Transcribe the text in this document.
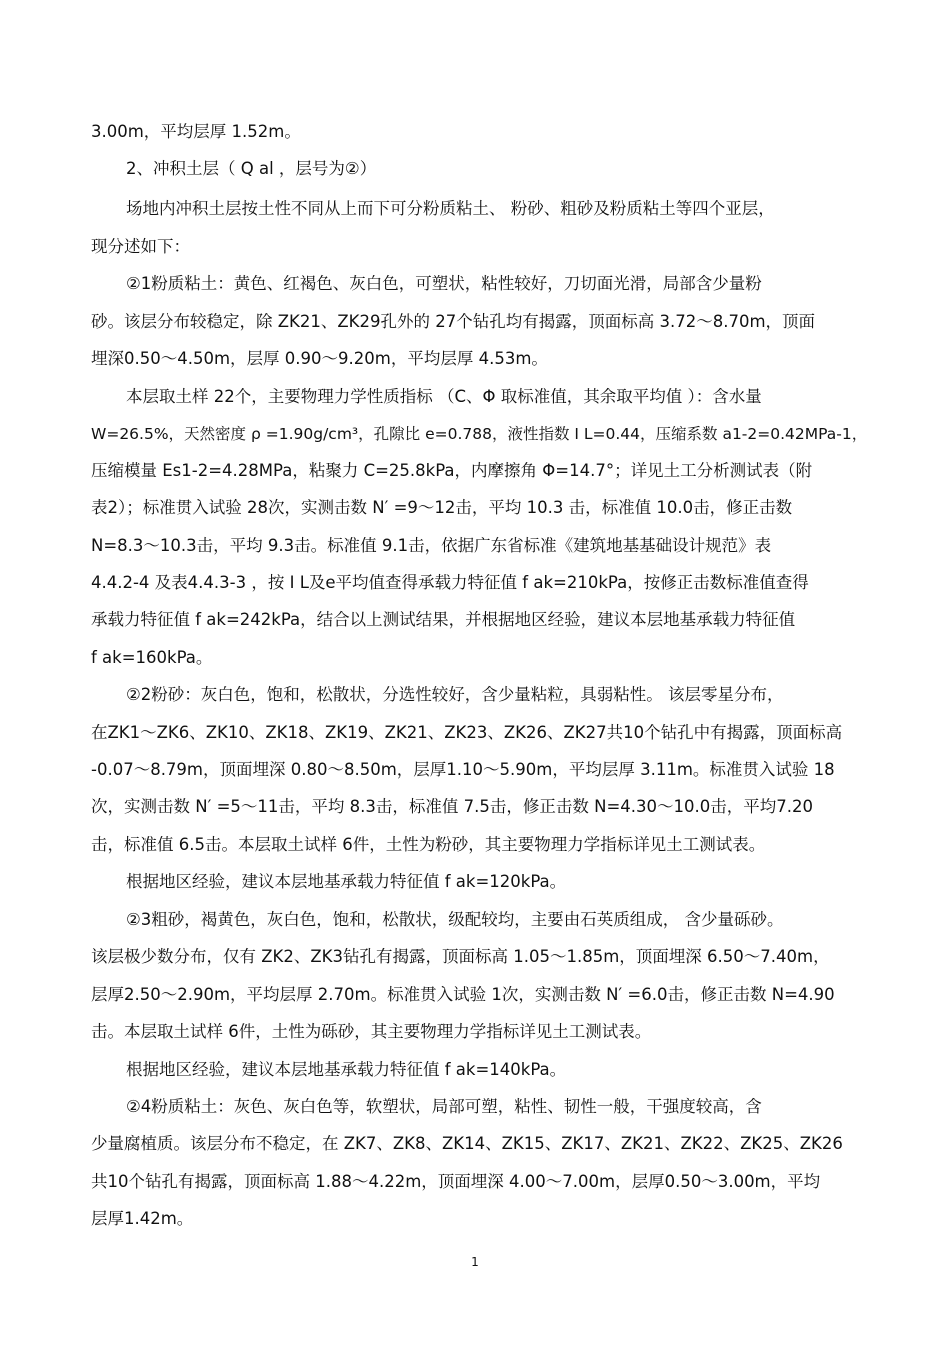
3.00m，平均层厚 1.52m。
2、冲积土层（ Q al ，层号为②）
场地内冲积土层按土性不同从上而下可分粉质粘土、 粉砂、粗砂及粉质粘土等四个亚层，
现分述如下：
②1粉质粘土：黄色、红褐色、灰白色，可塑状，粘性较好，刀切面光滑，局部含少量粉
砂。该层分布较稳定，除 ZK21、ZK29孔外的 27个钻孔均有揭露，顶面标高 3.72～8.70m，顶面
埋深0.50～4.50m，层厚 0.90～9.20m，平均层厚 4.53m。
本层取土样 22个，主要物理力学性质指标 （C、Φ 取标准值，其余取平均值 ）：含水量
W=26.5%，天然密度 ρ =1.90g/cm³，孔隙比 e=0.788，液性指数 I L=0.44，压缩系数 a1-2=0.42MPa-1，
压缩模量 Es1-2=4.28MPa，粘聚力 C=25.8kPa，内摩擦角 Φ=14.7°；详见土工分析测试表（附
表2）；标准贯入试验 28次，实测击数 N′ =9～12击，平均 10.3 击，标准值 10.0击，修正击数
N=8.3～10.3击，平均 9.3击。标准值 9.1击，依据广东省标准《建筑地基基础设计规范》表
4.4.2-4 及表4.4.3-3 ，按 I L及e平均值查得承载力特征值 f ak=210kPa，按修正击数标准值查得
承载力特征值 f ak=242kPa，结合以上测试结果，并根据地区经验，建议本层地基承载力特征值
f ak=160kPa。
②2粉砂：灰白色，饱和，松散状，分选性较好，含少量粘粒，具弱粘性。 该层零星分布，
在ZK1～ZK6、ZK10、ZK18、ZK19、ZK21、ZK23、ZK26、ZK27共10个钻孔中有揭露，顶面标高
-0.07～8.79m，顶面埋深 0.80～8.50m，层厚1.10～5.90m，平均层厚 3.11m。标准贯入试验 18
次，实测击数 N′ =5～11击，平均 8.3击，标准值 7.5击，修正击数 N=4.30～10.0击，平均7.20
击，标准值 6.5击。本层取土试样 6件，土性为粉砂，其主要物理力学指标详见土工测试表。
根据地区经验，建议本层地基承载力特征值 f ak=120kPa。
②3粗砂，褐黄色，灰白色，饱和，松散状，级配较均，主要由石英质组成， 含少量砾砂。
该层极少数分布，仅有 ZK2、ZK3钻孔有揭露，顶面标高 1.05～1.85m，顶面埋深 6.50～7.40m，
层厚2.50～2.90m，平均层厚 2.70m。标准贯入试验 1次，实测击数 N′ =6.0击，修正击数 N=4.90
击。本层取土试样 6件，土性为砾砂，其主要物理力学指标详见土工测试表。
根据地区经验，建议本层地基承载力特征值 f ak=140kPa。
②4粉质粘土：灰色、灰白色等，软塑状，局部可塑，粘性、韧性一般，干强度较高，含
少量腐植质。该层分布不稳定，在 ZK7、ZK8、ZK14、ZK15、ZK17、ZK21、ZK22、ZK25、ZK26
共10个钻孔有揭露，顶面标高 1.88～4.22m，顶面埋深 4.00～7.00m，层厚0.50～3.00m，平均
层厚1.42m。
1
